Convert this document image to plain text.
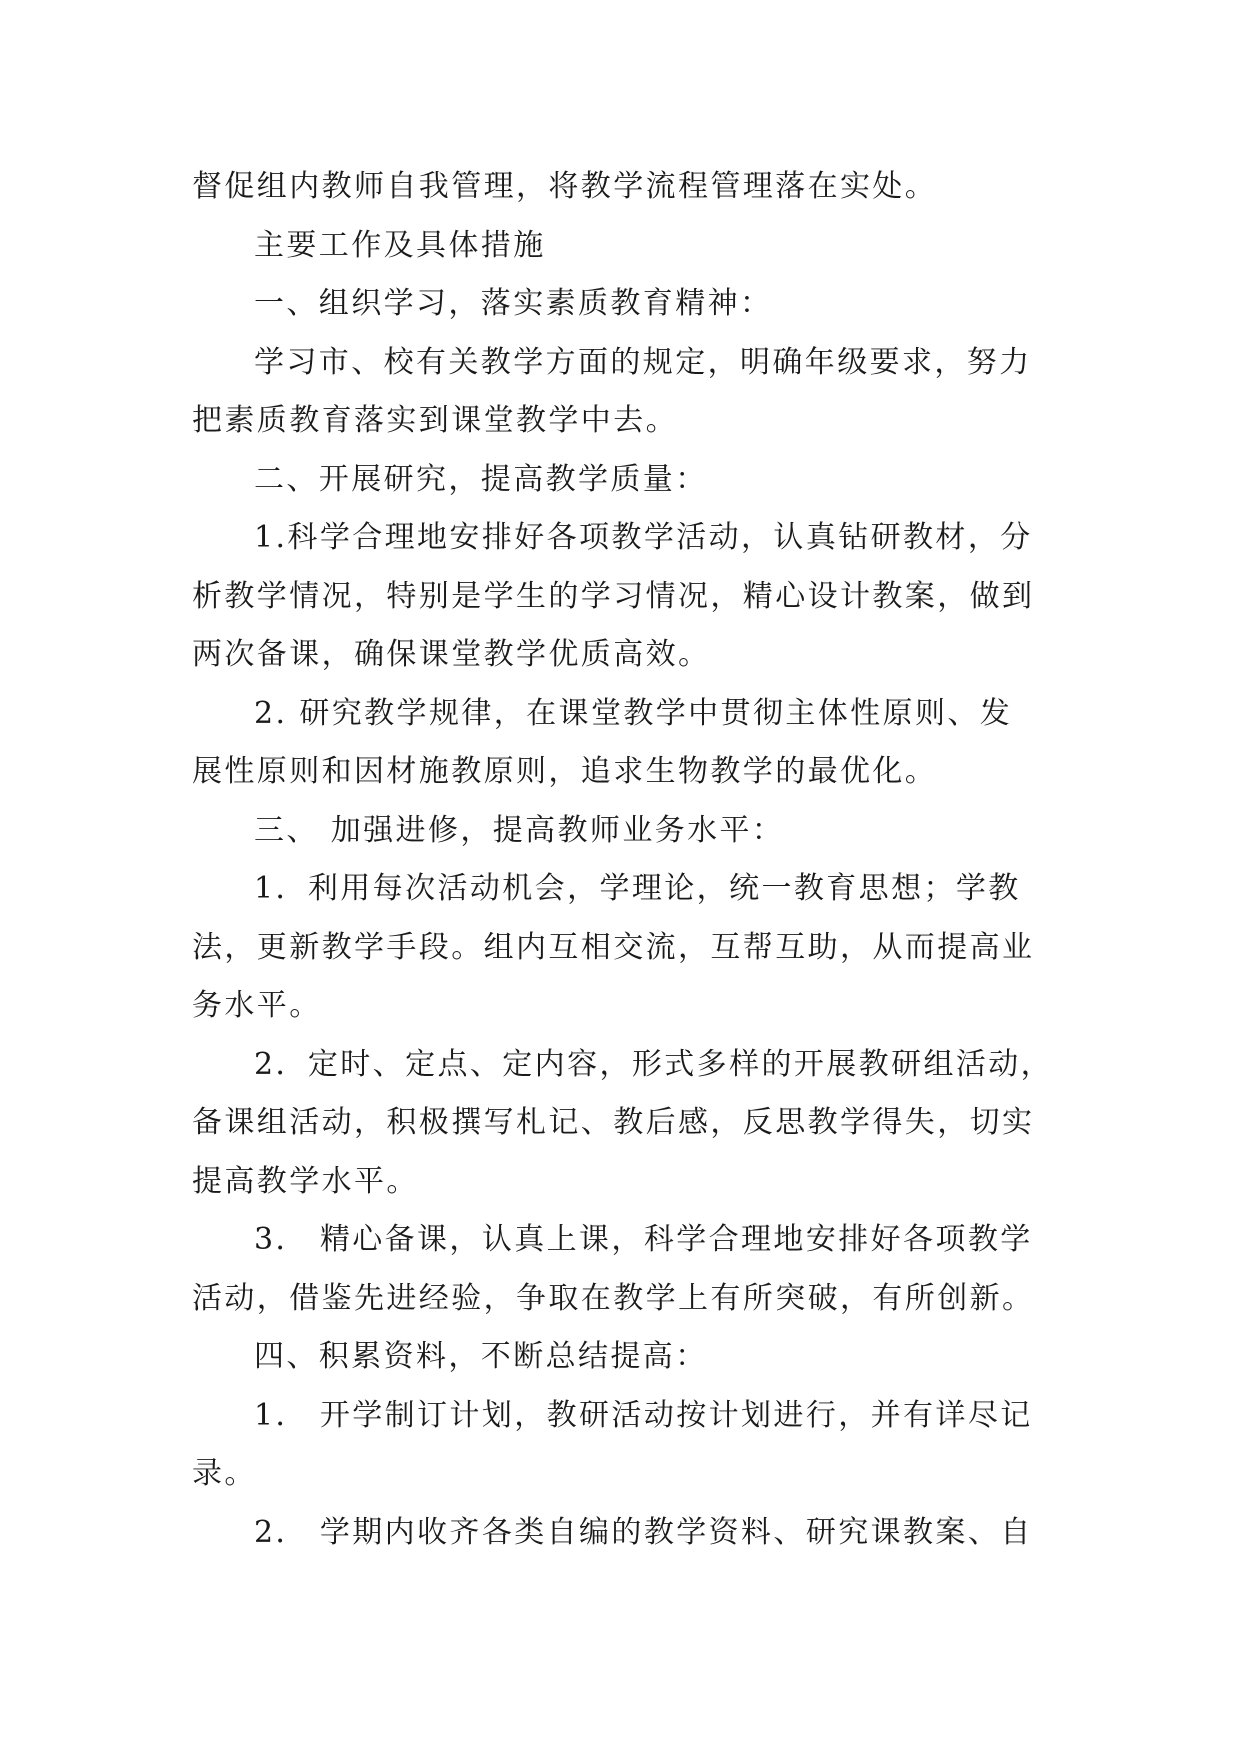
督促组内教师自我管理，将教学流程管理落在实处。
主要工作及具体措施
一、组织学习，落实素质教育精神：
学习市、校有关教学方面的规定，明确年级要求，努力
把素质教育落实到课堂教学中去。
二、开展研究，提高教学质量：
1.科学合理地安排好各项教学活动，认真钻研教材，分
析教学情况，特别是学生的学习情况，精心设计教案，做到
两次备课，确保课堂教学优质高效。
2. 研究教学规律，在课堂教学中贯彻主体性原则、发
展性原则和因材施教原则，追求生物教学的最优化。
三、 加强进修，提高教师业务水平：
1．利用每次活动机会，学理论，统一教育思想；学教
法，更新教学手段。组内互相交流，互帮互助，从而提高业
务水平。
2．定时、定点、定内容，形式多样的开展教研组活动，
备课组活动，积极撰写札记、教后感，反思教学得失，切实
提高教学水平。
3． 精心备课，认真上课，科学合理地安排好各项教学
活动，借鉴先进经验，争取在教学上有所突破，有所创新。
四、积累资料，不断总结提高：
1． 开学制订计划，教研活动按计划进行，并有详尽记
录。
2． 学期内收齐各类自编的教学资料、研究课教案、自
